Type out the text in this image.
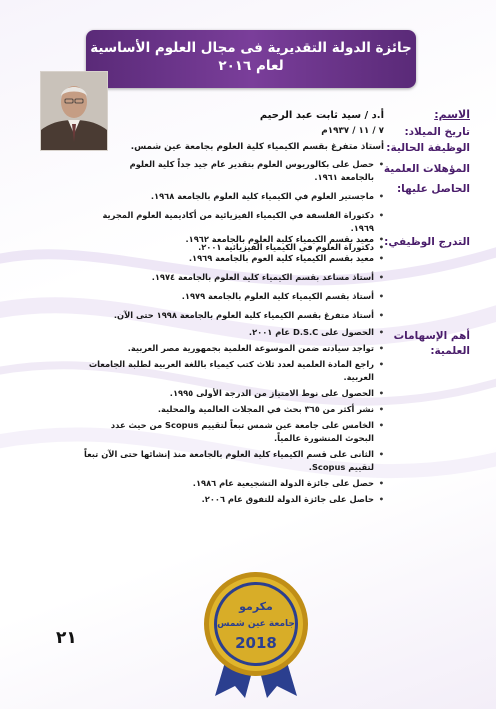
جائزة الدولة التقديرية فى مجال العلوم الأساسية
لعام ٢٠١٦
الاسم:
تاريخ الميلاد:
الوظيفة الحالية:
المؤهلات العلمية
الحاصل عليها:
التدرج الوظيفي:
أهم الإسهامات
العلمية:
أ.د / سيد ثابت عبد الرحيم
٧ / ١١ / ١٩٣٧م
أستاذ متفرغ بقسم الكيمياء كلية العلوم بجامعة عين شمس.
• حصل على بكالوريوس العلوم بتقدير عام جيد جداً كلية العلوم بالجامعة ١٩٦١.
• ماجستير العلوم في الكيمياء كلية العلوم بالجامعة ١٩٦٨.
• دكتوراة الفلسفة في الكيمياء الفيزيائية من أكاديمية العلوم المجرية ١٩٦٩.
• دكتوراة العلوم في الكيمياء الفيزيائية ٢٠٠١.
• معيد بقسم الكيمياء كلية العلوم بالجامعة ١٩٦٢.
• معيد بقسم الكيمياء كلية العوم بالجامعة ١٩٦٩.
• أستاذ مساعد بقسم الكيمياء كلية العلوم بالجامعة ١٩٧٤.
• أستاذ بقسم الكيمياء كلية العلوم بالجامعة ١٩٧٩.
• أستاذ متفرغ بقسم الكيمياء كلية العلوم بالجامعة ١٩٩٨ حتى الآن.
• الحصول على D.S.C عام ٢٠٠١.
• تواجد سيادته ضمن الموسوعة العلمية بجمهورية مصر العربية.
• راجع المادة العلمية لعدد ثلاث كتب كيمياء باللغة العربية لطلبة الجامعات العربية.
• الحصول على نوط الامتياز من الدرجة الأولى ١٩٩٥.
• نشر أكثر من ٣٦٥ بحث في المجلات العالمية والمحلية.
• الخامس على جامعة عين شمس تبعاً لتقييم Scopus من حيث عدد البحوث المنشورة عالمياً.
• الثانى على قسم الكيمياء كلية العلوم بالجامعة منذ إنشائها حتى الآن تبعاً لتقييم Scopus.
• حصل على جائزة الدولة التشجيعية عام ١٩٨٦.
• حاصل على جائزة الدولة للتفوق عام ٢٠٠٦.
٢١
مكرمو
جامعة عين شمس
2018
